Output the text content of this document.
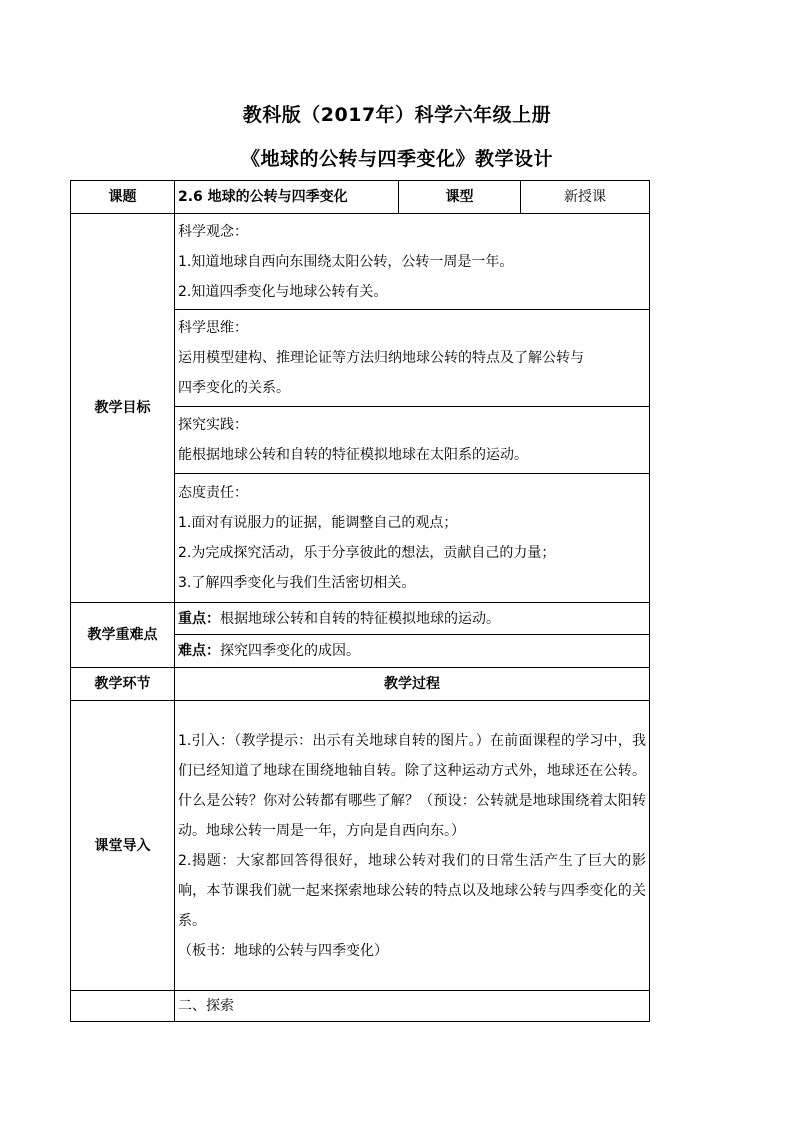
教科版（2017年）科学六年级上册
《地球的公转与四季变化》教学设计
课题	2.6 地球的公转与四季变化	课型	新授课
教学目标	科学观念：
1.知道地球自西向东围绕太阳公转，公转一周是一年。
2.知道四季变化与地球公转有关。		

	科学思维：
运用模型建构、推理论证等方法归纳地球公转的特点及了解公转与
四季变化的关系。		

	探究实践：
能根据地球公转和自转的特征模拟地球在太阳系的运动。		

	态度责任：
1.面对有说服力的证据，能调整自己的观点；
2.为完成探究活动，乐于分享彼此的想法，贡献自己的力量；
3.了解四季变化与我们生活密切相关。		

教学重难点	重点：根据地球公转和自转的特征模拟地球的运动。		
	难点：探究四季变化的成因。		
教学环节	教学过程		
课堂导入	1.引入：（教学提示：出示有关地球自转的图片。）在前面课程的学习中，我们已经知道了地球在围绕地轴自转。除了这种运动方式外，地球还在公转。什么是公转？你对公转都有哪些了解？（预设：公转就是地球围绕着太阳转动。地球公转一周是一年，方向是自西向东。）

2.揭题：大家都回答得很好，地球公转对我们的日常生活产生了巨大的影响，本节课我们就一起来探索地球公转的特点以及地球公转与四季变化的关系。

（板书：地球的公转与四季变化）		

	二、探索		
